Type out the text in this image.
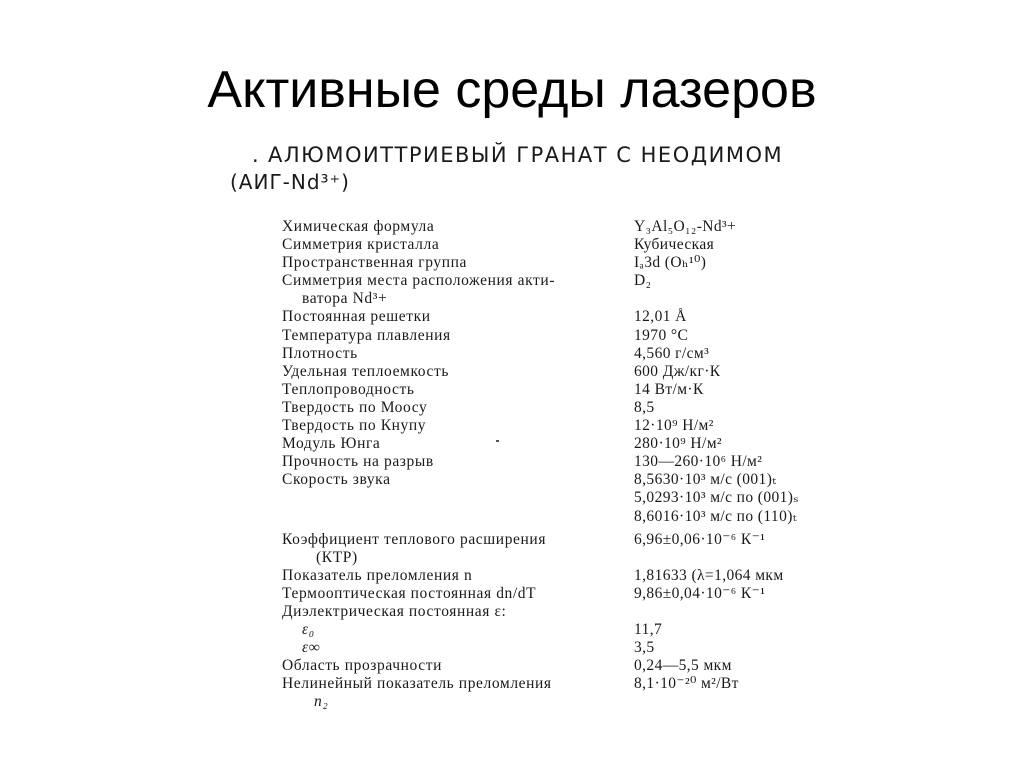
Активные среды лазеров
. АЛЮМОИТТРИЕВЫЙ ГРАНАТ С НЕОДИМОМ
(АИГ-Nd³⁺)
Химическая формула	Y₃Al₅O₁₂-Nd³+
Симметрия кристалла	Кубическая
Пространственная группа	Iₐ3d (Oₕ¹⁰)
Симметрия места расположения акти-	D₂
ватора Nd³+
Постоянная решетки	12,01 Å
Температура плавления	1970 °C
Плотность	4,560 г/см³
Удельная теплоемкость	600 Дж/кг·К
Теплопроводность	14 Вт/м·К
Твердость по Моосу	8,5
Твердость по Кнупу	12·10⁹ Н/м²
Модуль Юнга	280·10⁹ Н/м²
Прочность на разрыв	130—260·10⁶ Н/м²
Скорость звука	8,5630·10³ м/с (001)ₜ
5,0293·10³ м/с по (001)ₛ
8,6016·10³ м/с по (110)ₜ
Коэффициент теплового расширения	6,96±0,06·10⁻⁶ К⁻¹
(КТР)
Показатель преломления n	1,81633 (λ=1,064 мкм
Термооптическая постоянная dn/dT	9,86±0,04·10⁻⁶ К⁻¹
Диэлектрическая постоянная ε:
ε₀	11,7
ε∞	3,5
Область прозрачности	0,24—5,5 мкм
Нелинейный показатель преломления	8,1·10⁻²⁰ м²/Вт
n₂
